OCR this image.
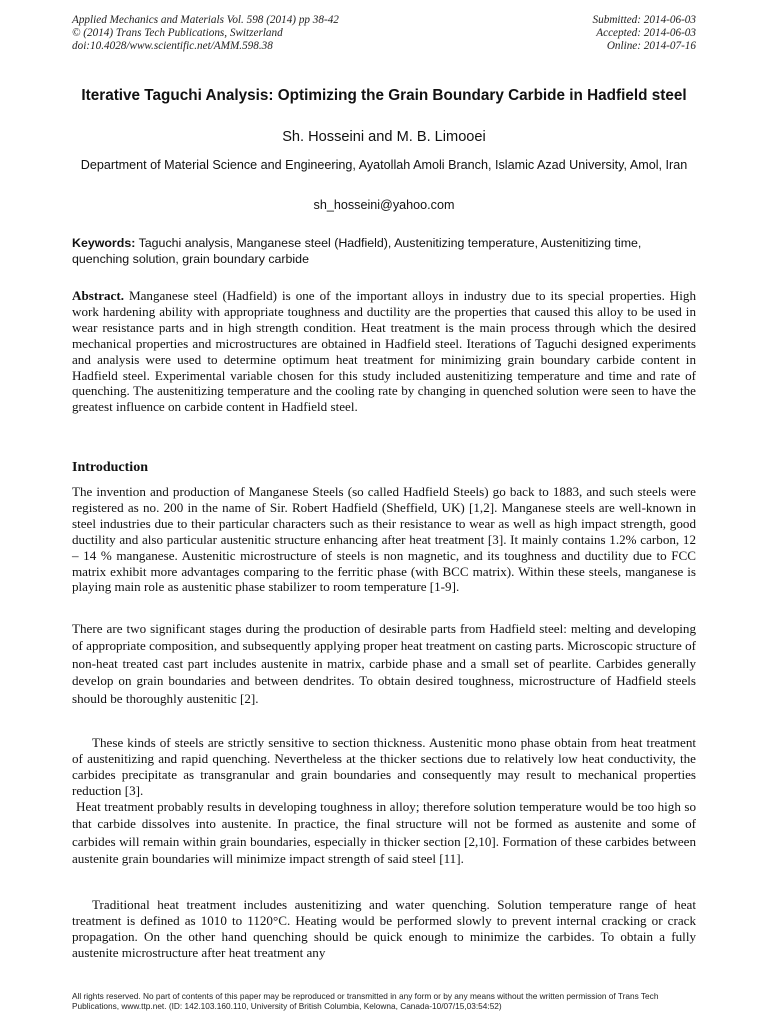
Applied Mechanics and Materials Vol. 598 (2014) pp 38-42
© (2014) Trans Tech Publications, Switzerland
doi:10.4028/www.scientific.net/AMM.598.38
Submitted: 2014-06-03
Accepted: 2014-06-03
Online: 2014-07-16
Iterative Taguchi Analysis: Optimizing the Grain Boundary Carbide in Hadfield steel
Sh. Hosseini and M. B. Limooei
Department of Material Science and Engineering, Ayatollah Amoli Branch, Islamic Azad University, Amol, Iran
sh_hosseini@yahoo.com
Keywords: Taguchi analysis, Manganese steel (Hadfield), Austenitizing temperature, Austenitizing time, quenching solution, grain boundary carbide
Abstract. Manganese steel (Hadfield) is one of the important alloys in industry due to its special properties. High work hardening ability with appropriate toughness and ductility are the properties that caused this alloy to be used in wear resistance parts and in high strength condition. Heat treatment is the main process through which the desired mechanical properties and microstructures are obtained in Hadfield steel. Iterations of Taguchi designed experiments and analysis were used to determine optimum heat treatment for minimizing grain boundary carbide content in Hadfield steel. Experimental variable chosen for this study included austenitizing temperature and time and rate of quenching. The austenitizing temperature and the cooling rate by changing in quenched solution were seen to have the greatest influence on carbide content in Hadfield steel.
Introduction
The invention and production of Manganese Steels (so called Hadfield Steels) go back to 1883, and such steels were registered as no. 200 in the name of Sir. Robert Hadfield (Sheffield, UK) [1,2]. Manganese steels are well-known in steel industries due to their particular characters such as their resistance to wear as well as high impact strength, good ductility and also particular austenitic structure enhancing after heat treatment [3]. It mainly contains 1.2% carbon, 12 – 14 % manganese. Austenitic microstructure of steels is non magnetic, and its toughness and ductility due to FCC matrix exhibit more advantages comparing to the ferritic phase (with BCC matrix). Within these steels, manganese is playing main role as austenitic phase stabilizer to room temperature [1-9].
There are two significant stages during the production of desirable parts from Hadfield steel: melting and developing of appropriate composition, and subsequently applying proper heat treatment on casting parts. Microscopic structure of non-heat treated cast part includes austenite in matrix, carbide phase and a small set of pearlite. Carbides generally develop on grain boundaries and between dendrites. To obtain desired toughness, microstructure of Hadfield steels should be thoroughly austenitic [2].
These kinds of steels are strictly sensitive to section thickness. Austenitic mono phase obtain from heat treatment of austenitizing and rapid quenching. Nevertheless at the thicker sections due to relatively low heat conductivity, the carbides precipitate as transgranular and grain boundaries and consequently may result to mechanical properties reduction [3].
Heat treatment probably results in developing toughness in alloy; therefore solution temperature would be too high so that carbide dissolves into austenite. In practice, the final structure will not be formed as austenite and some of carbides will remain within grain boundaries, especially in thicker section [2,10]. Formation of these carbides between austenite grain boundaries will minimize impact strength of said steel [11].
Traditional heat treatment includes austenitizing and water quenching. Solution temperature range of heat treatment is defined as 1010 to 1120°C. Heating would be performed slowly to prevent internal cracking or crack propagation. On the other hand quenching should be quick enough to minimize the carbides. To obtain a fully austenite microstructure after heat treatment any
All rights reserved. No part of contents of this paper may be reproduced or transmitted in any form or by any means without the written permission of Trans Tech Publications, www.ttp.net. (ID: 142.103.160.110, University of British Columbia, Kelowna, Canada-10/07/15,03:54:52)
